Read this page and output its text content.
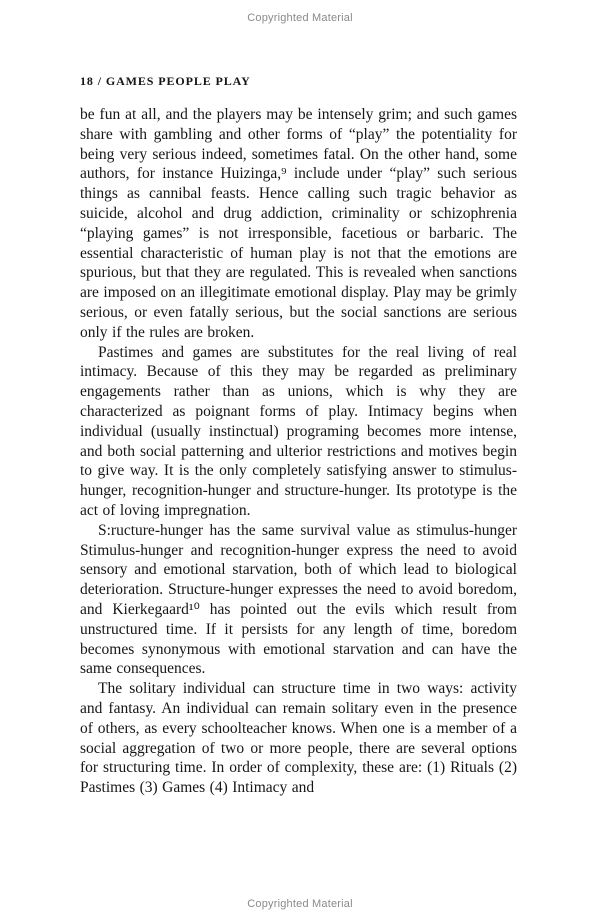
Copyrighted Material
18 / GAMES PEOPLE PLAY

be fun at all, and the players may be intensely grim; and such games share with gambling and other forms of “play” the potentiality for being very serious indeed, sometimes fatal. On the other hand, some authors, for instance Huizinga,⁹ include under “play” such serious things as cannibal feasts. Hence calling such tragic behavior as suicide, alcohol and drug addiction, criminality or schizophrenia “playing games” is not irresponsible, facetious or barbaric. The essential characteristic of human play is not that the emotions are spurious, but that they are regulated. This is revealed when sanctions are imposed on an illegitimate emotional display. Play may be grimly serious, or even fatally serious, but the social sanctions are serious only if the rules are broken.

Pastimes and games are substitutes for the real living of real intimacy. Because of this they may be regarded as preliminary engagements rather than as unions, which is why they are characterized as poignant forms of play. Intimacy begins when individual (usually instinctual) programing becomes more intense, and both social patterning and ulterior restrictions and motives begin to give way. It is the only completely satisfying answer to stimulus-hunger, recognition-hunger and structure-hunger. Its prototype is the act of loving impregnation.

S:ructure-hunger has the same survival value as stimulus-hunger Stimulus-hunger and recognition-hunger express the need to avoid sensory and emotional starvation, both of which lead to biological deterioration. Structure-hunger expresses the need to avoid boredom, and Kierkegaard¹⁰ has pointed out the evils which result from unstructured time. If it persists for any length of time, boredom becomes synonymous with emotional starvation and can have the same consequences.

The solitary individual can structure time in two ways: activity and fantasy. An individual can remain solitary even in the presence of others, as every schoolteacher knows. When one is a member of a social aggregation of two or more people, there are several options for structuring time. In order of complexity, these are: (1) Rituals (2) Pastimes (3) Games (4) Intimacy and

Copyrighted Material
